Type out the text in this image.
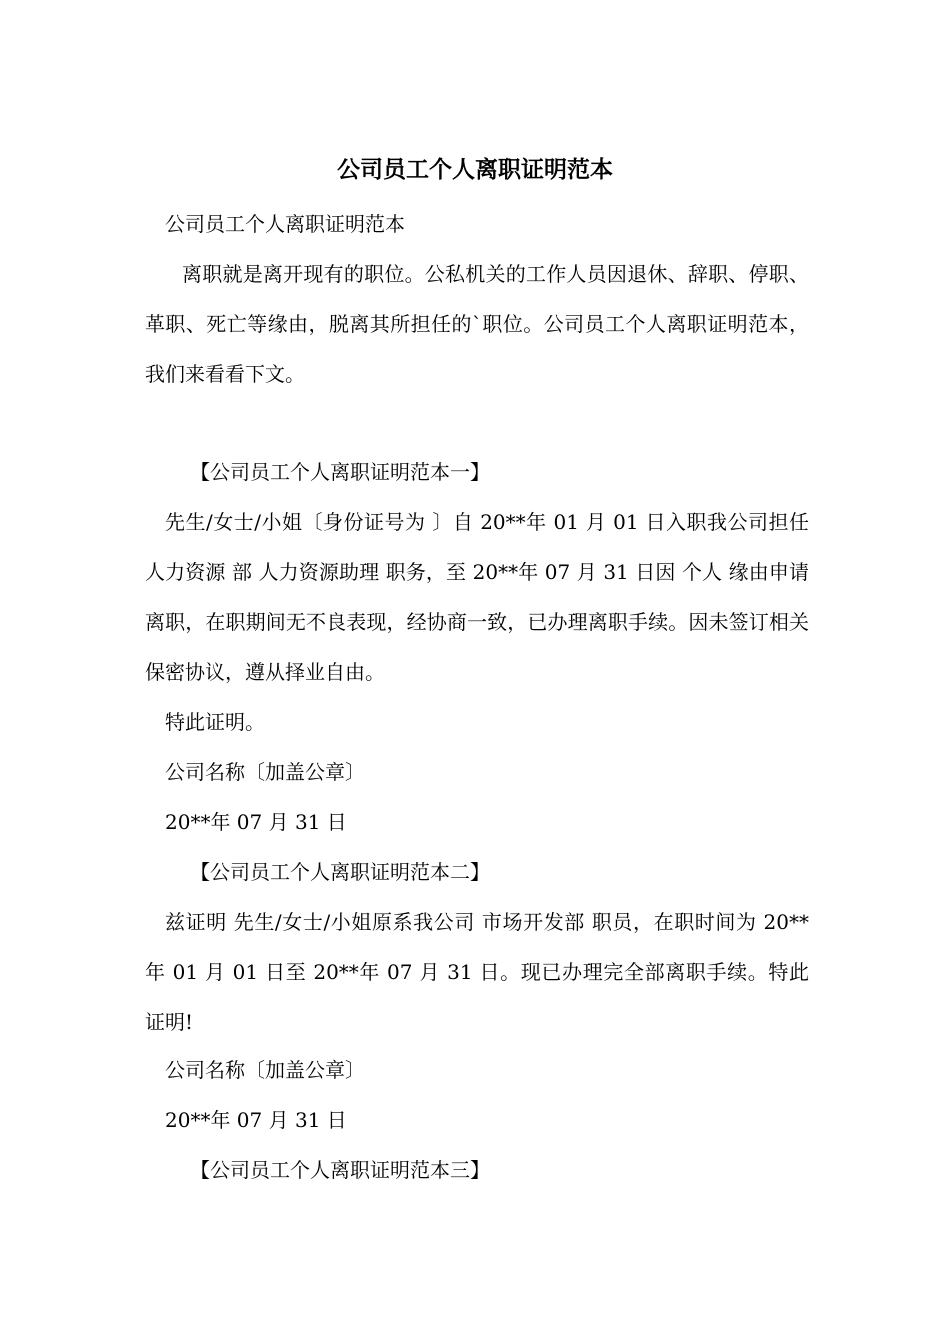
公司员工个人离职证明范本

公司员工个人离职证明范本

离职就是离开现有的职位。公私机关的工作人员因退休、辞职、停职、革职、死亡等缘由，脱离其所担任的`职位。公司员工个人离职证明范本，我们来看看下文。

【公司员工个人离职证明范本一】

先生/女士/小姐〔身份证号为 〕自 20**年 01 月 01 日入职我公司担任人力资源 部 人力资源助理 职务，至 20**年 07 月 31 日因 个人 缘由申请离职，在职期间无不良表现，经协商一致，已办理离职手续。因未签订相关保密协议，遵从择业自由。

特此证明。

公司名称〔加盖公章〕

20**年 07 月 31 日

【公司员工个人离职证明范本二】

兹证明 先生/女士/小姐原系我公司 市场开发部 职员，在职时间为 20**年 01 月 01 日至 20**年 07 月 31 日。现已办理完全部离职手续。特此证明!

公司名称〔加盖公章〕

20**年 07 月 31 日

【公司员工个人离职证明范本三】
